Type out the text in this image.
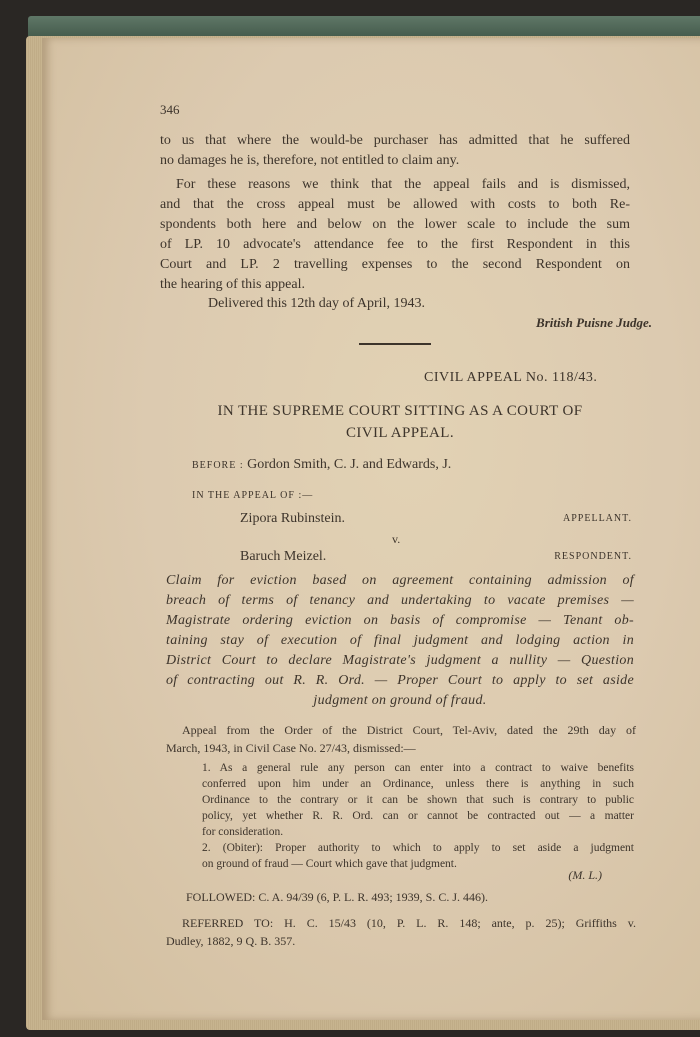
346
to us that where the would-be purchaser has admitted that he suffered
no damages he is, therefore, not entitled to claim any.
For these reasons we think that the appeal fails and is dismissed,
and that the cross appeal must be allowed with costs to both Re-
spondents both here and below on the lower scale to include the sum
of LP. 10 advocate's attendance fee to the first Respondent in this
Court and LP. 2 travelling expenses to the second Respondent on
the hearing of this appeal.
Delivered this 12th day of April, 1943.
British Puisne Judge.
CIVIL APPEAL No. 118/43.
IN THE SUPREME COURT SITTING AS A COURT OF
CIVIL APPEAL.
BEFORE : Gordon Smith, C. J. and Edwards, J.
IN THE APPEAL OF :—
Zipora Rubinstein.	APPELLANT.
v.
Baruch Meizel.	RESPONDENT.
Claim for eviction based on agreement containing admission of
breach of terms of tenancy and undertaking to vacate premises —
Magistrate ordering eviction on basis of compromise — Tenant ob-
taining stay of execution of final judgment and lodging action in
District Court to declare Magistrate's judgment a nullity — Question
of contracting out R. R. Ord. — Proper Court to apply to set aside
judgment on ground of fraud.
Appeal from the Order of the District Court, Tel-Aviv, dated the 29th day of
March, 1943, in Civil Case No. 27/43, dismissed:—
1. As a general rule any person can enter into a contract to waive benefits
conferred upon him under an Ordinance, unless there is anything in such
Ordinance to the contrary or it can be shown that such is contrary to public
policy, yet whether R. R. Ord. can or cannot be contracted out — a matter
for consideration.
2. (Obiter): Proper authority to which to apply to set aside a judgment
on ground of fraud — Court which gave that judgment.
(M. L.)
FOLLOWED: C. A. 94/39 (6, P. L. R. 493; 1939, S. C. J. 446).
REFERRED TO: H. C. 15/43 (10, P. L. R. 148; ante, p. 25); Griffiths v.
Dudley, 1882, 9 Q. B. 357.
